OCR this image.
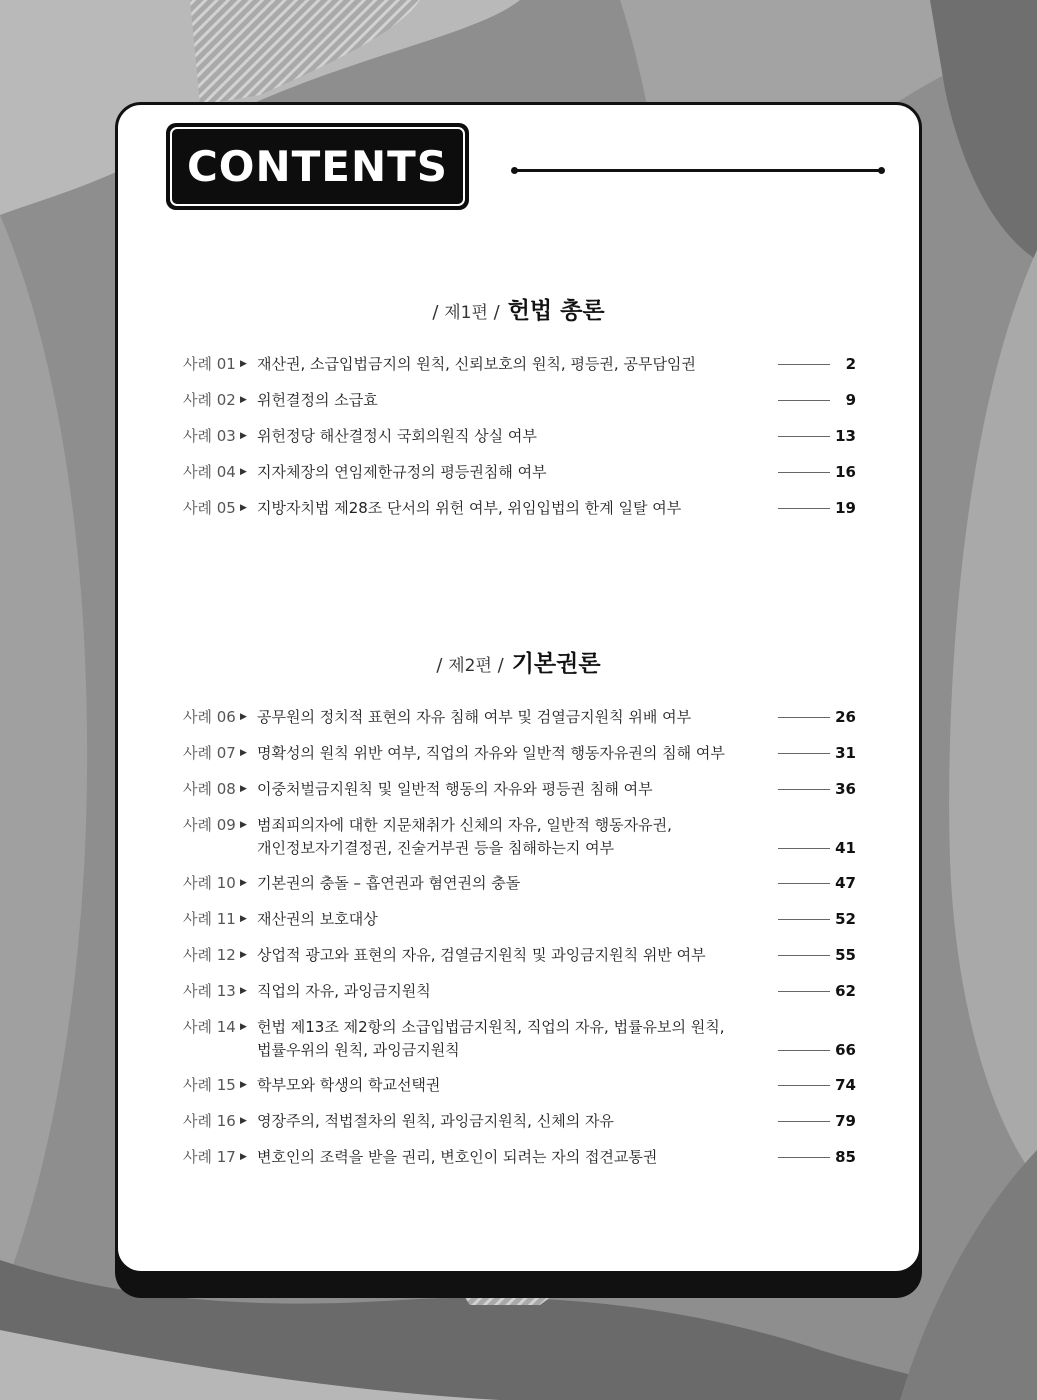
CONTENTS
/ 제1편 / 헌법 총론
사례 01 ▶ 재산권, 소급입법금지의 원칙, 신뢰보호의 원칙, 평등권, 공무담임권	2
사례 02 ▶ 위헌결정의 소급효	9
사례 03 ▶ 위헌정당 해산결정시 국회의원직 상실 여부	13
사례 04 ▶ 지자체장의 연임제한규정의 평등권침해 여부	16
사례 05 ▶ 지방자치법 제28조 단서의 위헌 여부, 위임입법의 한계 일탈 여부	19
/ 제2편 / 기본권론
사례 06 ▶ 공무원의 정치적 표현의 자유 침해 여부 및 검열금지원칙 위배 여부	26
사례 07 ▶ 명확성의 원칙 위반 여부, 직업의 자유와 일반적 행동자유권의 침해 여부	31
사례 08 ▶ 이중처벌금지원칙 및 일반적 행동의 자유와 평등권 침해 여부	36
사례 09 ▶ 범죄피의자에 대한 지문채취가 신체의 자유, 일반적 행동자유권,
개인정보자기결정권, 진술거부권 등을 침해하는지 여부	41
사례 10 ▶ 기본권의 충돌 – 흡연권과 혐연권의 충돌	47
사례 11 ▶ 재산권의 보호대상	52
사례 12 ▶ 상업적 광고와 표현의 자유, 검열금지원칙 및 과잉금지원칙 위반 여부	55
사례 13 ▶ 직업의 자유, 과잉금지원칙	62
사례 14 ▶ 헌법 제13조 제2항의 소급입법금지원칙, 직업의 자유, 법률유보의 원칙,
법률우위의 원칙, 과잉금지원칙	66
사례 15 ▶ 학부모와 학생의 학교선택권	74
사례 16 ▶ 영장주의, 적법절차의 원칙, 과잉금지원칙, 신체의 자유	79
사례 17 ▶ 변호인의 조력을 받을 권리, 변호인이 되려는 자의 접견교통권	85
